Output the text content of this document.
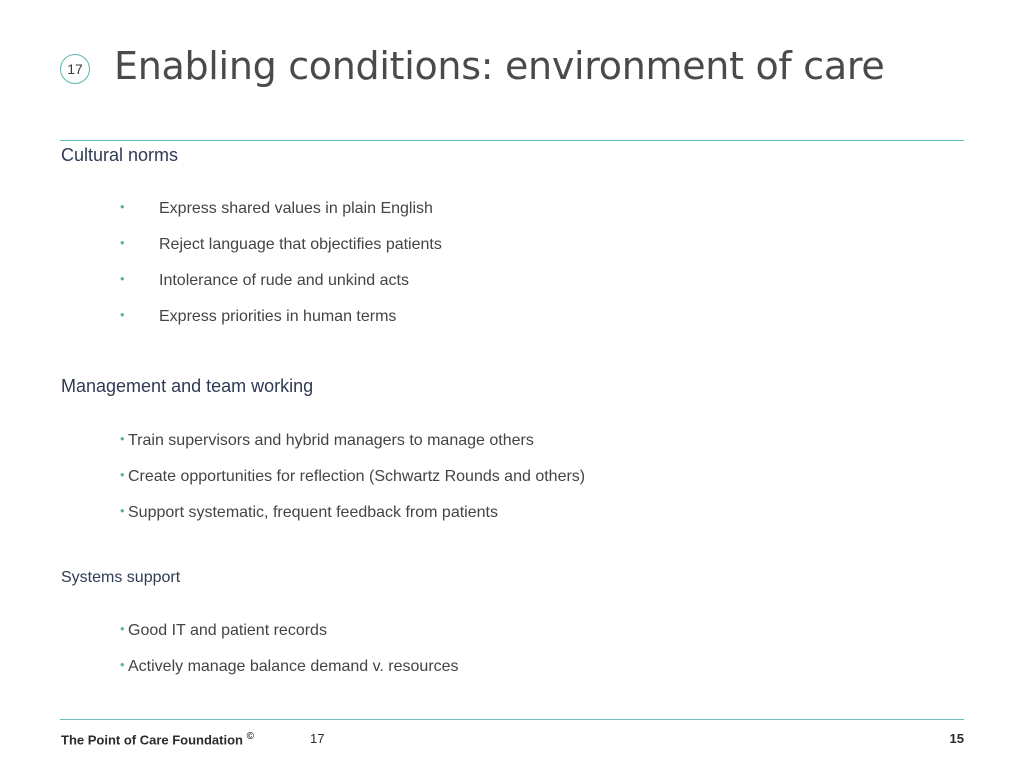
17 Enabling conditions: environment of care
Cultural norms
• Express shared values in plain English
• Reject language that objectifies patients
• Intolerance of rude and unkind acts
• Express priorities in human terms
Management and team working
• Train supervisors and hybrid managers to manage others
• Create opportunities for reflection (Schwartz Rounds and others)
• Support systematic, frequent feedback from patients
Systems support
• Good IT and patient records
• Actively manage balance demand v. resources
The Point of Care Foundation ©	17	15
